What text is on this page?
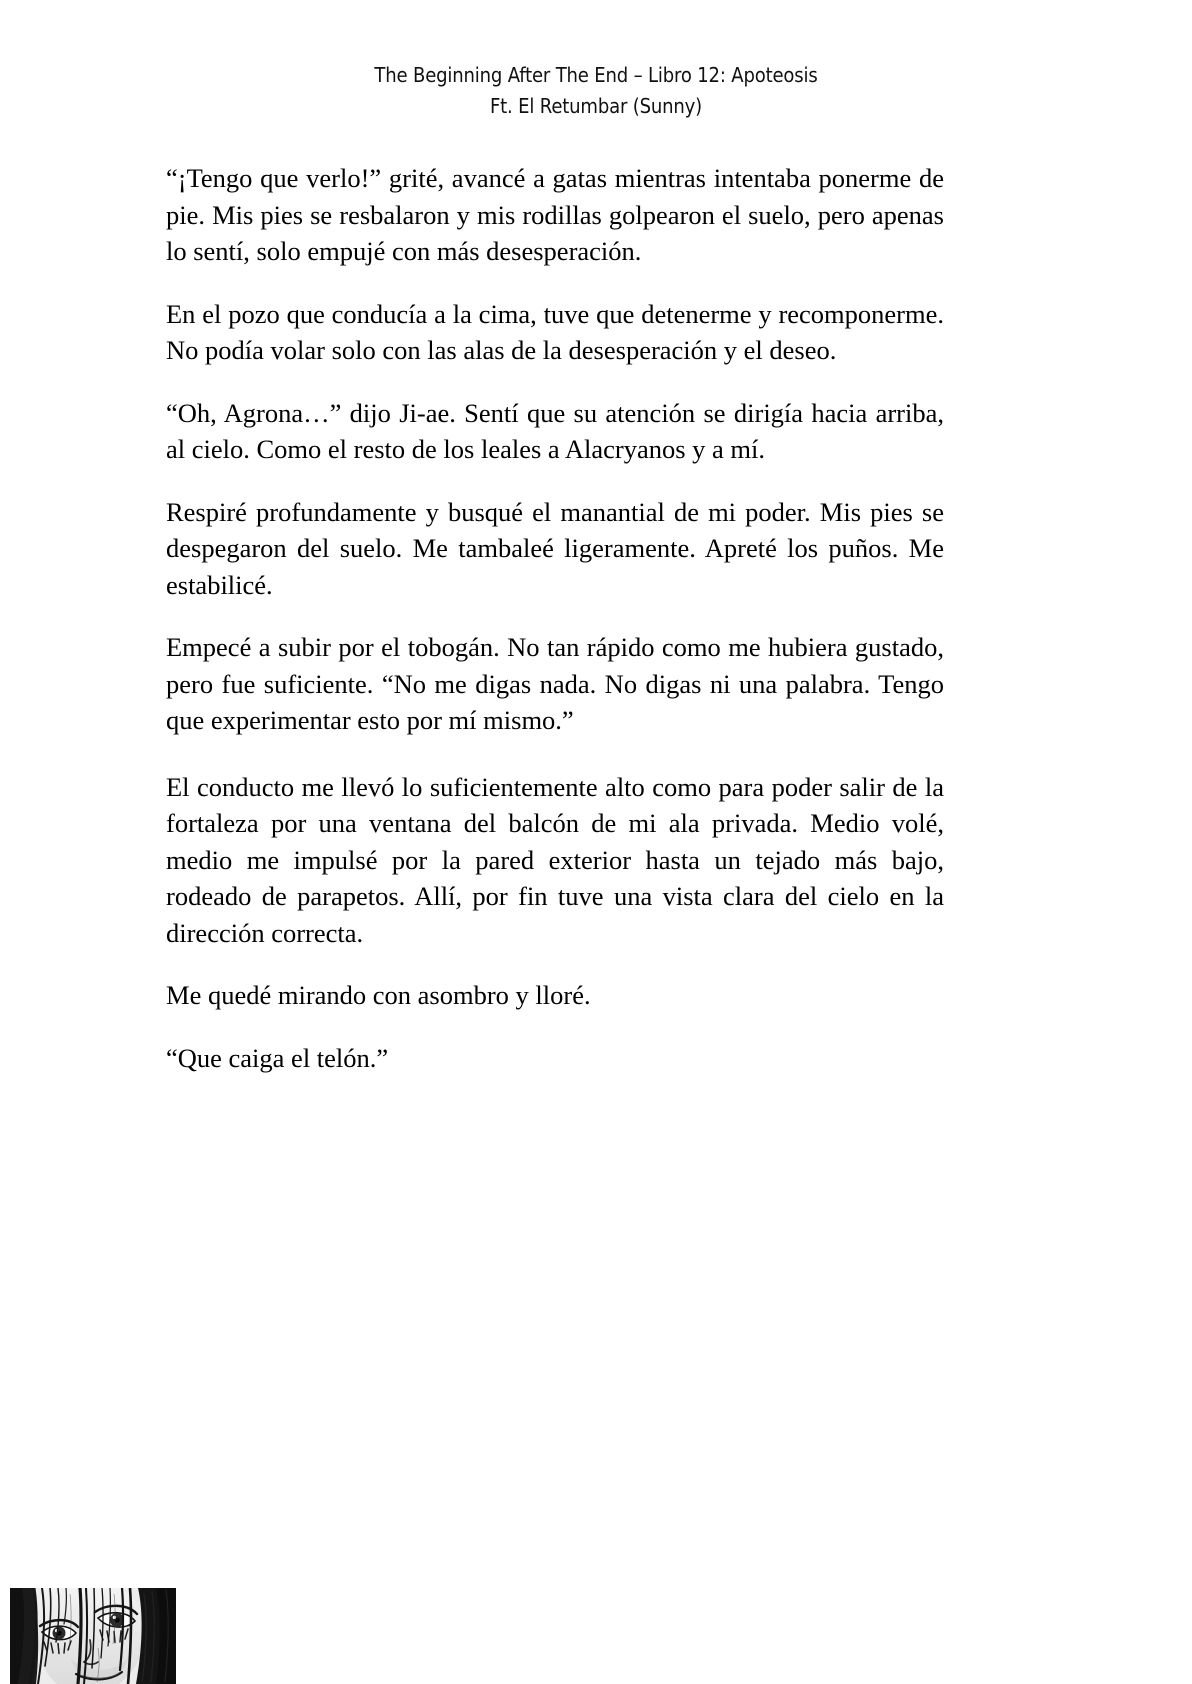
The Beginning After The End – Libro 12: Apoteosis
Ft. El Retumbar (Sunny)

“¡Tengo que verlo!” grité, avancé a gatas mientras intentaba ponerme de pie. Mis pies se resbalaron y mis rodillas golpearon el suelo, pero apenas lo sentí, solo empujé con más desesperación.

En el pozo que conducía a la cima, tuve que detenerme y recomponerme. No podía volar solo con las alas de la desesperación y el deseo.

“Oh, Agrona…” dijo Ji-ae. Sentí que su atención se dirigía hacia arriba, al cielo. Como el resto de los leales a Alacryanos y a mí.

Respiré profundamente y busqué el manantial de mi poder. Mis pies se despegaron del suelo. Me tambaleé ligeramente. Apreté los puños. Me estabilicé.

Empecé a subir por el tobogán. No tan rápido como me hubiera gustado, pero fue suficiente. “No me digas nada. No digas ni una palabra. Tengo que experimentar esto por mí mismo.”

El conducto me llevó lo suficientemente alto como para poder salir de la fortaleza por una ventana del balcón de mi ala privada. Medio volé, medio me impulsé por la pared exterior hasta un tejado más bajo, rodeado de parapetos. Allí, por fin tuve una vista clara del cielo en la dirección correcta.

Me quedé mirando con asombro y lloré.

“Que caiga el telón.”
